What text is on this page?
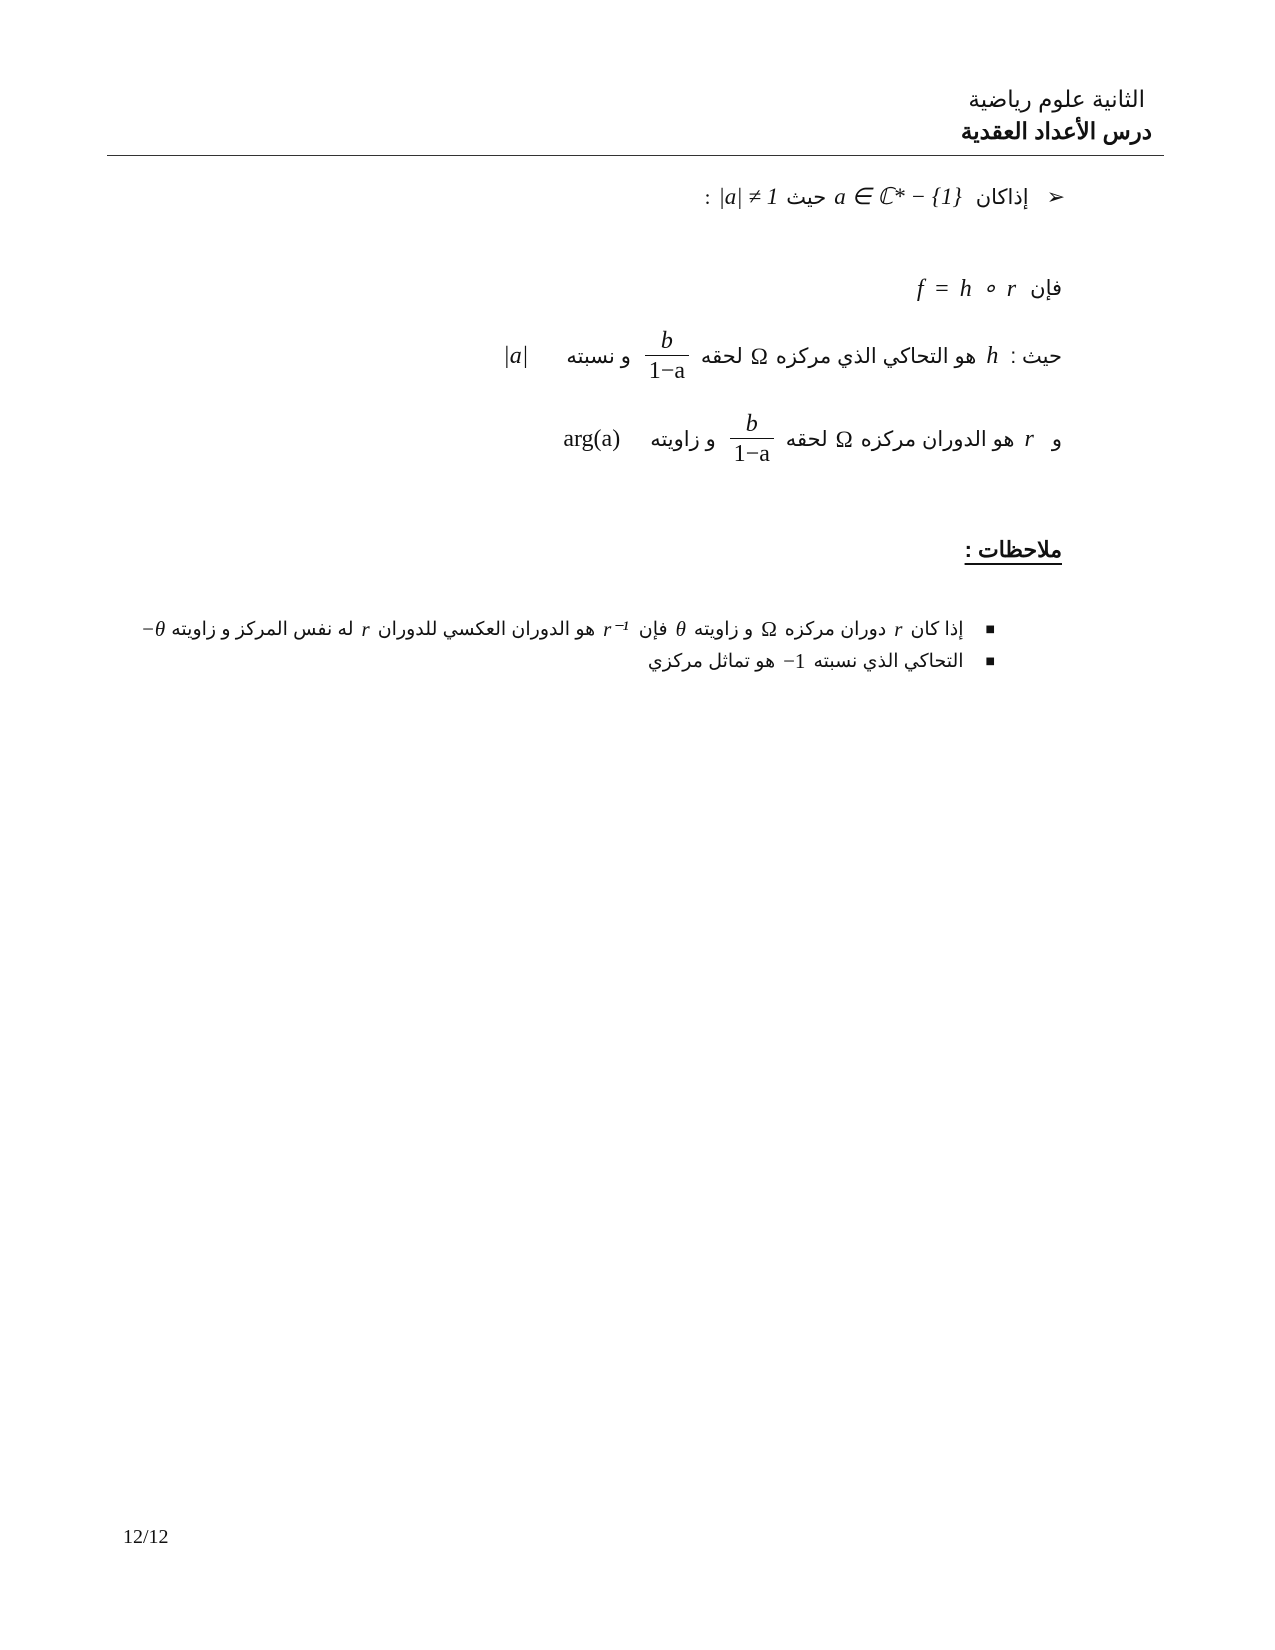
الثانية علوم رياضية
درس الأعداد العقدية
➢
إذاكان
a ∈ ℂ* − {1}
حيث
|a| ≠ 1
:
فإن
f = h ∘ r
حيث :
h
هو التحاكي الذي مركزه
Ω
لحقه
$\frac{b}{1-a}$
و نسبته
|a|
و
r
هو الدوران مركزه
Ω
لحقه
$\frac{b}{1-a}$
و زاويته
arg(a)
ملاحظات :
■
إذا كان
r
دوران مركزه
Ω
و زاويته
θ
فإن
r⁻¹
هو الدوران العكسي للدوران
r
له نفس المركز و زاويته
−θ
■
التحاكي الذي نسبته
−1
هو تماثل مركزي
12/12
